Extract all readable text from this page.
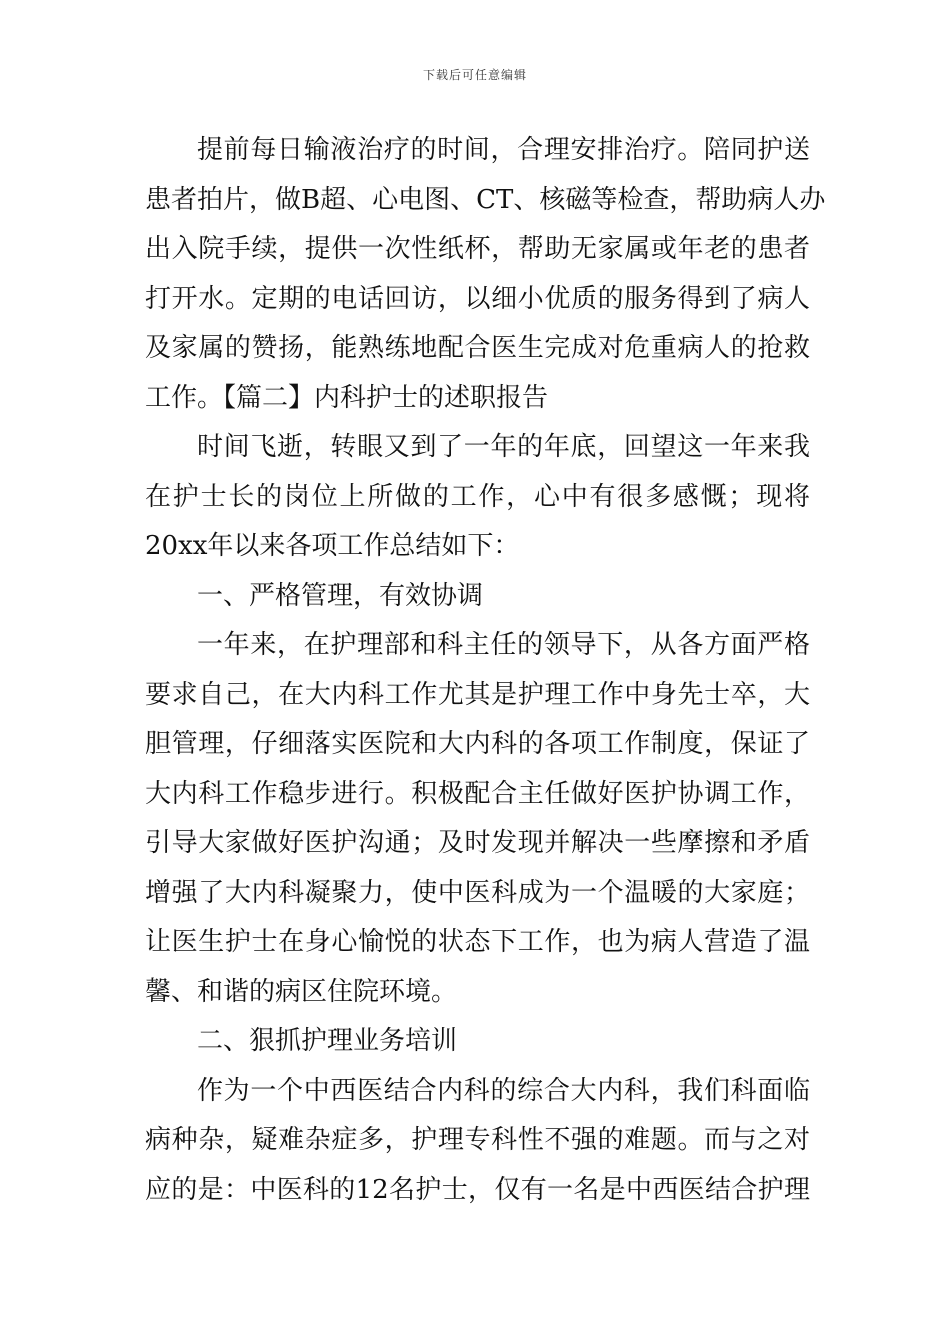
下载后可任意编辑
提前每日输液治疗的时间，合理安排治疗。陪同护送
患者拍片，做B超、心电图、CT、核磁等检查，帮助病人办
出入院手续，提供一次性纸杯，帮助无家属或年老的患者
打开水。定期的电话回访，以细小优质的服务得到了病人
及家属的赞扬，能熟练地配合医生完成对危重病人的抢救
工作。【篇二】内科护士的述职报告
时间飞逝，转眼又到了一年的年底，回望这一年来我
在护士长的岗位上所做的工作，心中有很多感慨；现将
20xx年以来各项工作总结如下：
一、严格管理，有效协调
一年来，在护理部和科主任的领导下，从各方面严格
要求自己，在大内科工作尤其是护理工作中身先士卒，大
胆管理，仔细落实医院和大内科的各项工作制度，保证了
大内科工作稳步进行。积极配合主任做好医护协调工作，
引导大家做好医护沟通；及时发现并解决一些摩擦和矛盾
增强了大内科凝聚力，使中医科成为一个温暖的大家庭；
让医生护士在身心愉悦的状态下工作，也为病人营造了温
馨、和谐的病区住院环境。
二、狠抓护理业务培训
作为一个中西医结合内科的综合大内科，我们科面临
病种杂，疑难杂症多，护理专科性不强的难题。而与之对
应的是：中医科的12名护士，仅有一名是中西医结合护理
